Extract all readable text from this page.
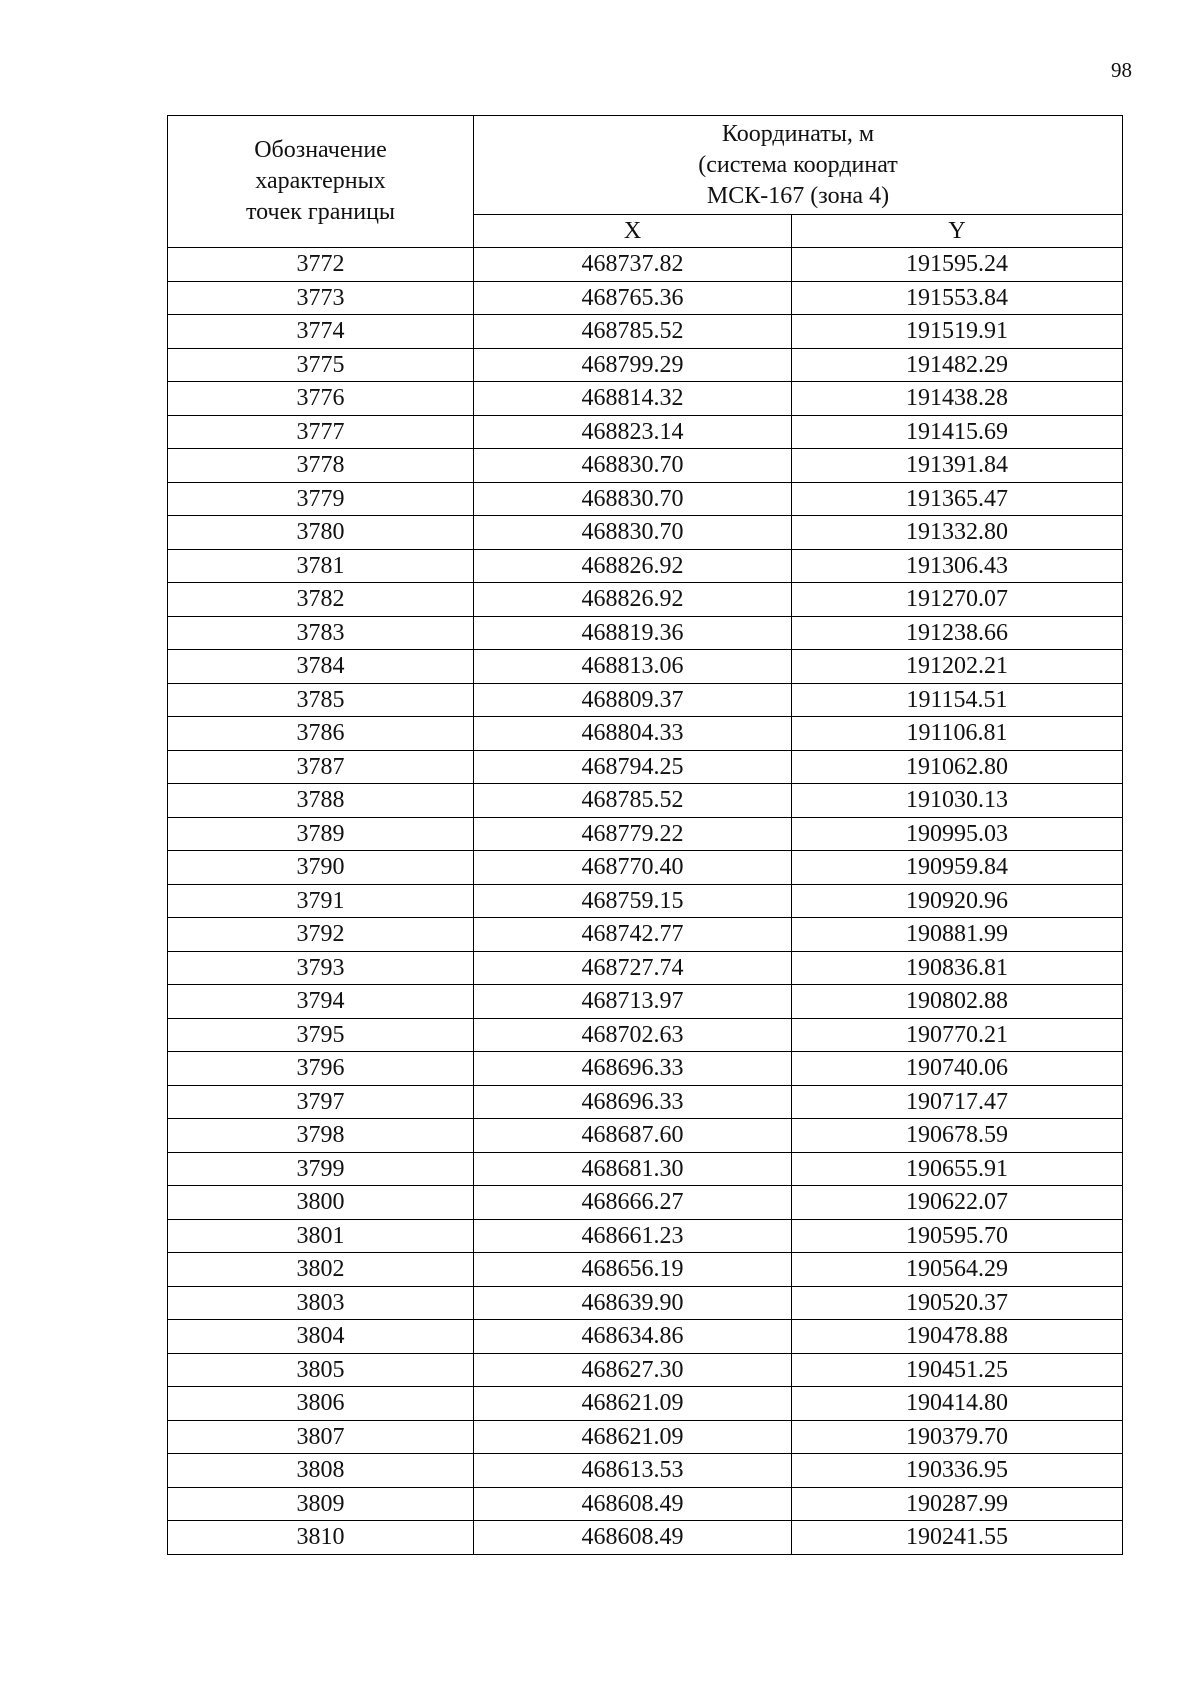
98
Обозначение
характерных
точек границы	Координаты, м
(система координат
МСК-167 (зона 4)	

	X	Y
3772	468737.82	191595.24
3773	468765.36	191553.84
3774	468785.52	191519.91
3775	468799.29	191482.29
3776	468814.32	191438.28
3777	468823.14	191415.69
3778	468830.70	191391.84
3779	468830.70	191365.47
3780	468830.70	191332.80
3781	468826.92	191306.43
3782	468826.92	191270.07
3783	468819.36	191238.66
3784	468813.06	191202.21
3785	468809.37	191154.51
3786	468804.33	191106.81
3787	468794.25	191062.80
3788	468785.52	191030.13
3789	468779.22	190995.03
3790	468770.40	190959.84
3791	468759.15	190920.96
3792	468742.77	190881.99
3793	468727.74	190836.81
3794	468713.97	190802.88
3795	468702.63	190770.21
3796	468696.33	190740.06
3797	468696.33	190717.47
3798	468687.60	190678.59
3799	468681.30	190655.91
3800	468666.27	190622.07
3801	468661.23	190595.70
3802	468656.19	190564.29
3803	468639.90	190520.37
3804	468634.86	190478.88
3805	468627.30	190451.25
3806	468621.09	190414.80
3807	468621.09	190379.70
3808	468613.53	190336.95
3809	468608.49	190287.99
3810	468608.49	190241.55
